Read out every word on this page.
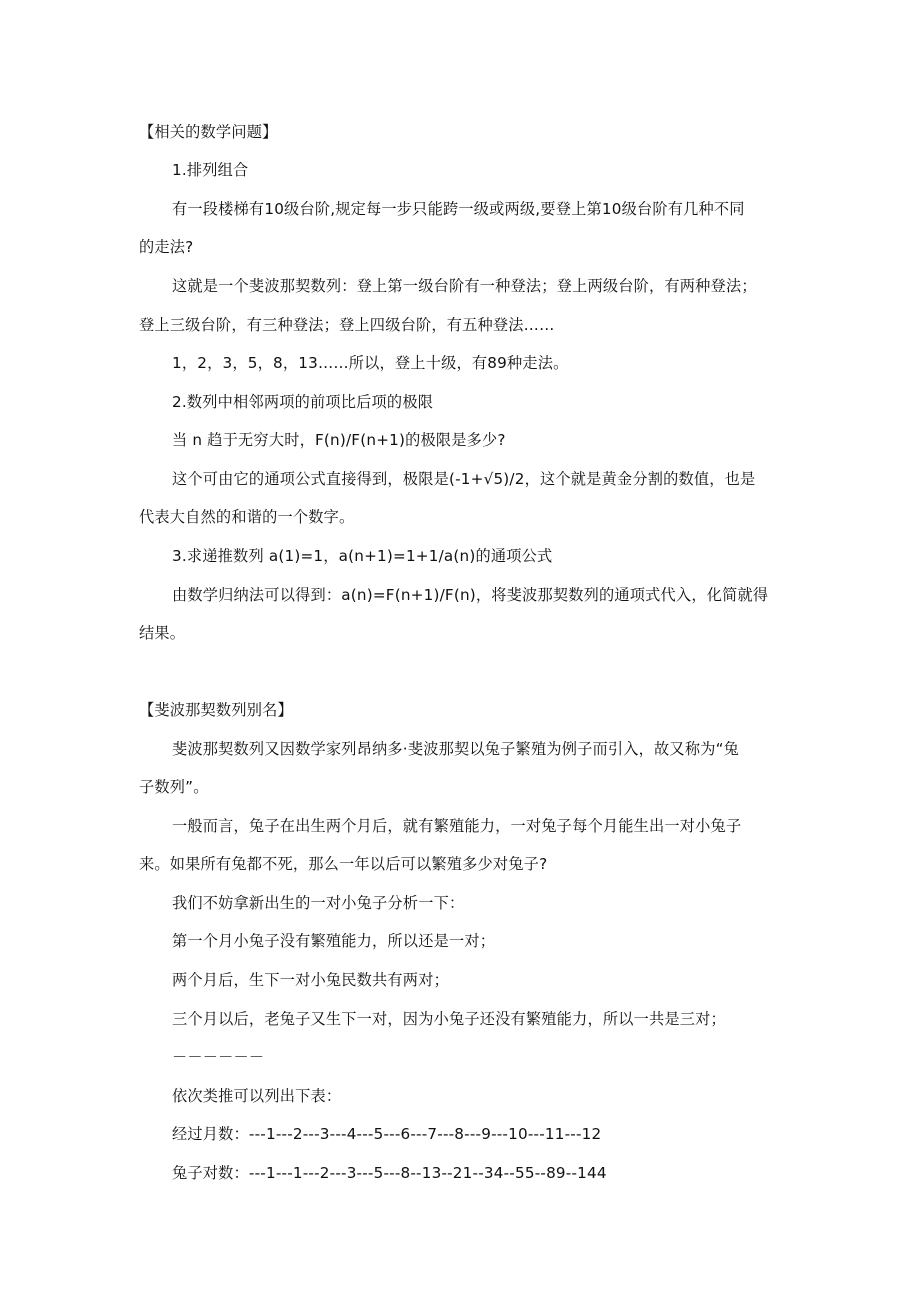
【相关的数学问题】
1.排列组合
有一段楼梯有10级台阶,规定每一步只能跨一级或两级,要登上第10级台阶有几种不同
的走法?
这就是一个斐波那契数列：登上第一级台阶有一种登法；登上两级台阶，有两种登法；
登上三级台阶，有三种登法；登上四级台阶，有五种登法……
1，2，3，5，8，13……所以，登上十级，有89种走法。
2.数列中相邻两项的前项比后项的极限
当 n 趋于无穷大时，F(n)/F(n+1)的极限是多少?
这个可由它的通项公式直接得到，极限是(-1+√5)/2，这个就是黄金分割的数值，也是
代表大自然的和谐的一个数字。
3.求递推数列 a(1)=1，a(n+1)=1+1/a(n)的通项公式
由数学归纳法可以得到：a(n)=F(n+1)/F(n)，将斐波那契数列的通项式代入，化简就得
结果。
【斐波那契数列别名】
斐波那契数列又因数学家列昂纳多·斐波那契以兔子繁殖为例子而引入，故又称为“兔
子数列”。
一般而言，兔子在出生两个月后，就有繁殖能力，一对兔子每个月能生出一对小兔子
来。如果所有兔都不死，那么一年以后可以繁殖多少对兔子?
我们不妨拿新出生的一对小兔子分析一下：
第一个月小兔子没有繁殖能力，所以还是一对；
两个月后，生下一对小兔民数共有两对；
三个月以后，老兔子又生下一对，因为小兔子还没有繁殖能力，所以一共是三对；
－－－－－－
依次类推可以列出下表：
经过月数：---1---2---3---4---5---6---7---8---9---10---11---12
兔子对数：---1---1---2---3---5---8--13--21--34--55--89--144
